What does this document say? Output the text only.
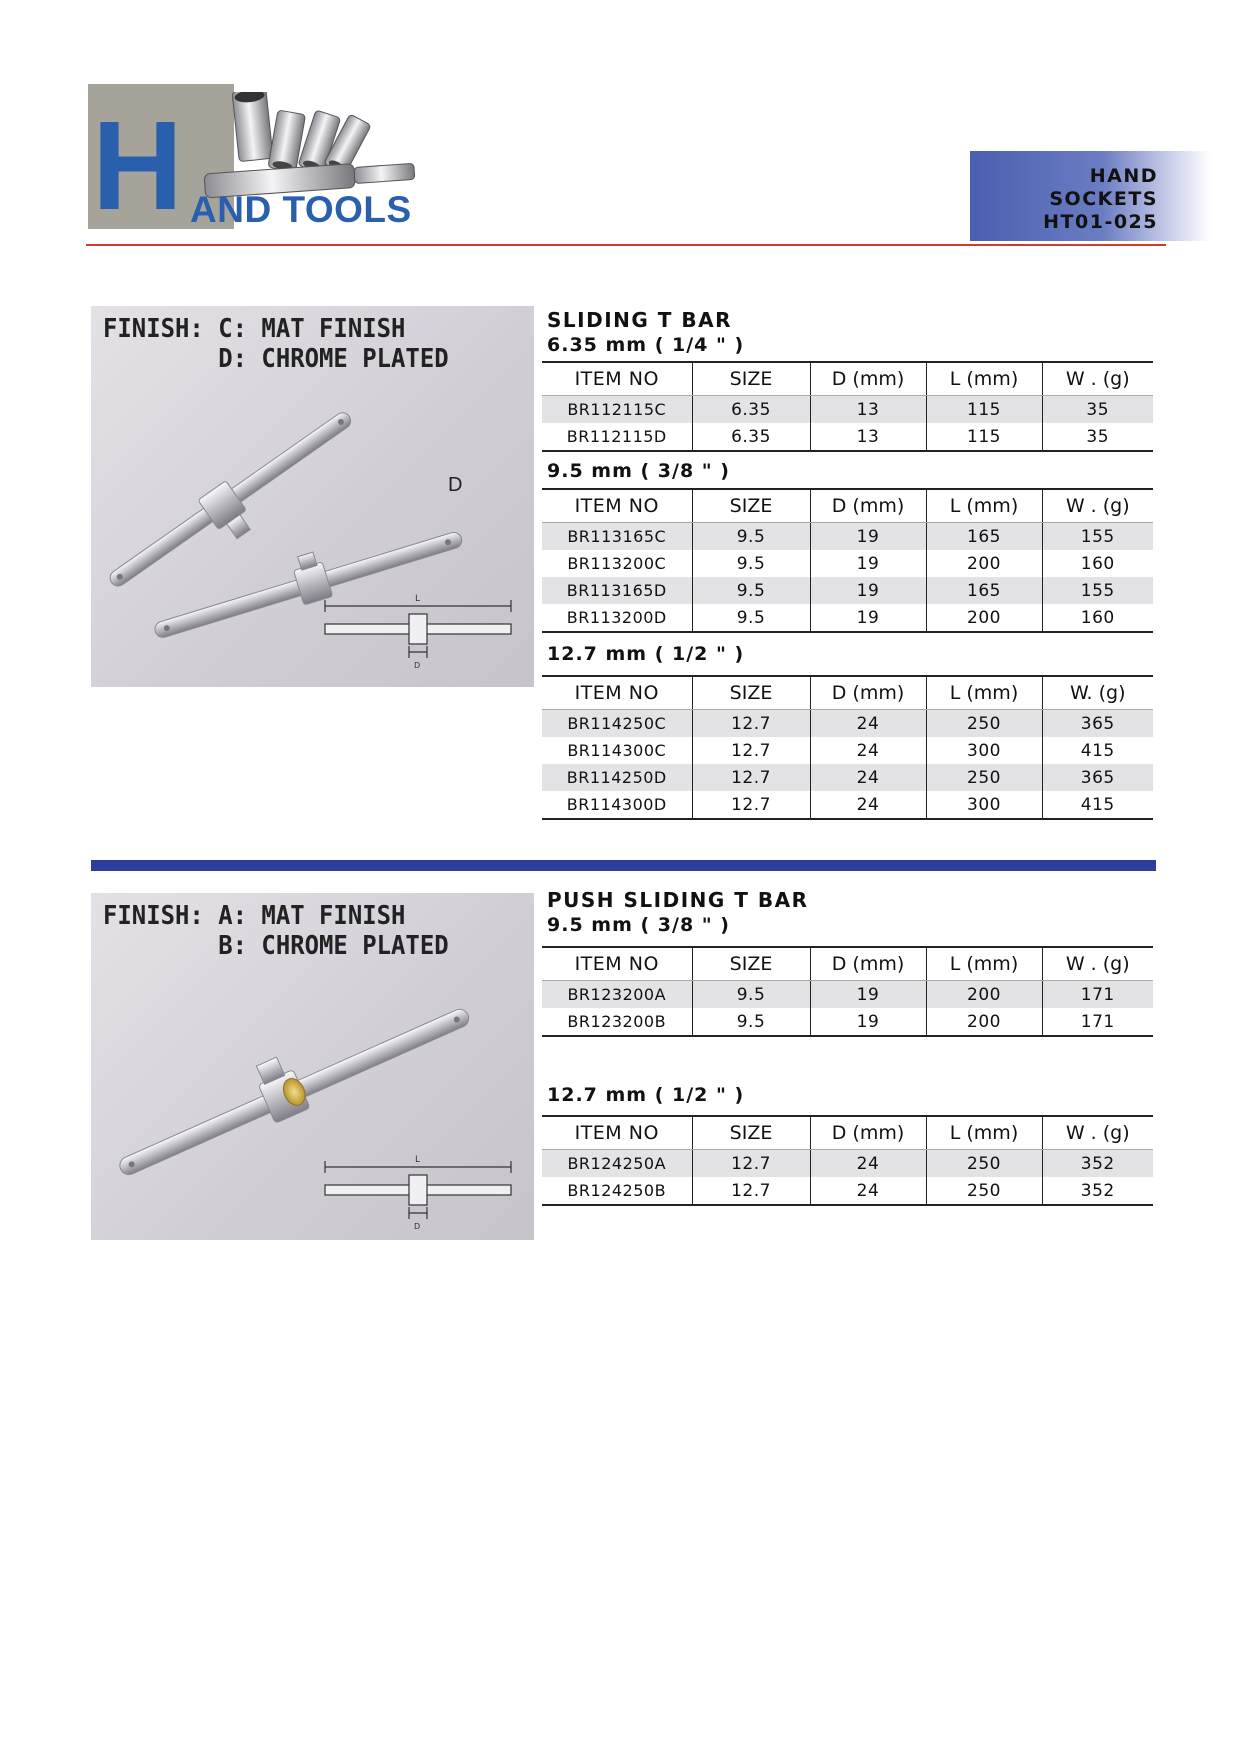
H AND TOOLS
HAND
SOCKETS
HT01-025
L
D
FINISH: C: MAT FINISH
D: CHROME PLATED
D
SLIDING T BAR
6.35 mm ( 1/4 " )
ITEM NO	SIZE	D (mm)	L (mm)	W . (g)
BR112115C	6.35	13	115	35
BR112115D	6.35	13	115	35
9.5 mm ( 3/8 " )
ITEM NO	SIZE	D (mm)	L (mm)	W . (g)
BR113165C	9.5	19	165	155
BR113200C	9.5	19	200	160
BR113165D	9.5	19	165	155
BR113200D	9.5	19	200	160
12.7 mm ( 1/2 " )
ITEM NO	SIZE	D (mm)	L (mm)	W. (g)
BR114250C	12.7	24	250	365
BR114300C	12.7	24	300	415
BR114250D	12.7	24	250	365
BR114300D	12.7	24	300	415
L
D
FINISH: A: MAT FINISH
B: CHROME PLATED
PUSH SLIDING T BAR
9.5 mm ( 3/8 " )
ITEM NO	SIZE	D (mm)	L (mm)	W . (g)
BR123200A	9.5	19	200	171
BR123200B	9.5	19	200	171
12.7 mm ( 1/2 " )
ITEM NO	SIZE	D (mm)	L (mm)	W . (g)
BR124250A	12.7	24	250	352
BR124250B	12.7	24	250	352
